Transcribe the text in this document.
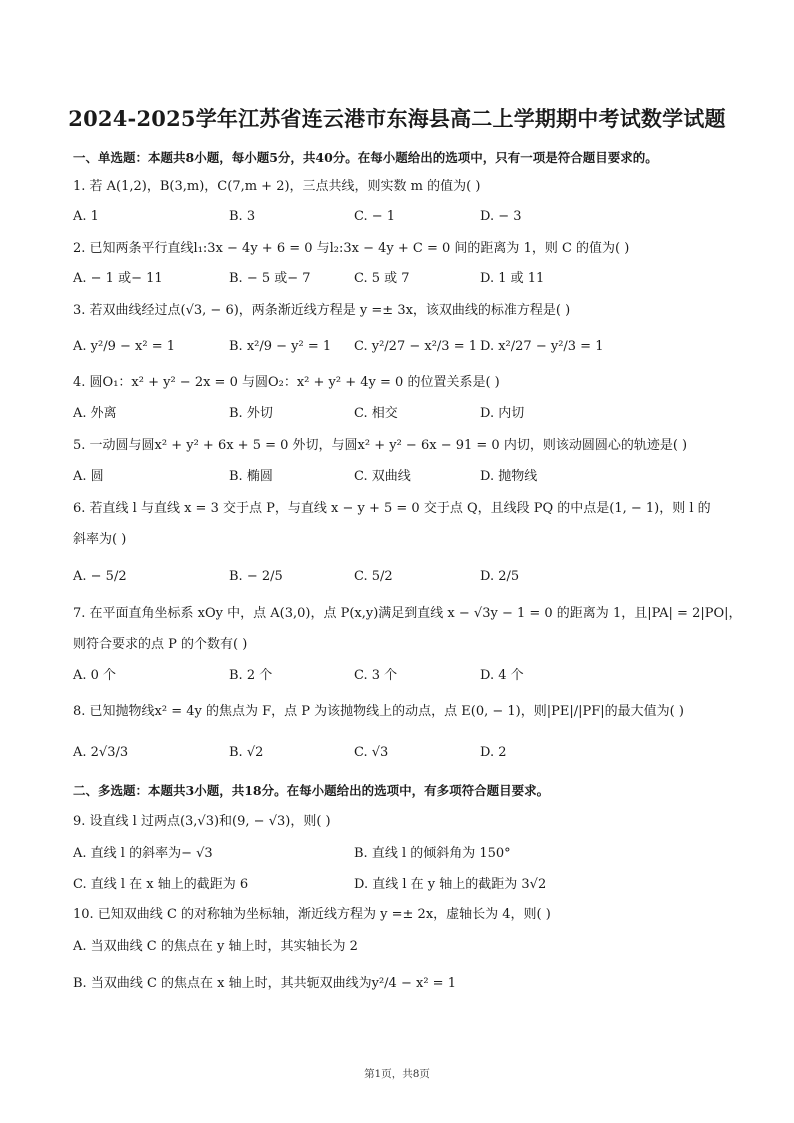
2024-2025学年江苏省连云港市东海县高二上学期期中考试数学试题
一、单选题：本题共8小题，每小题5分，共40分。在每小题给出的选项中，只有一项是符合题目要求的。
1. 若 A(1,2)，B(3,m)，C(7,m + 2)，三点共线，则实数 m 的值为( )
A. 1	B. 3	C. − 1	D. − 3
2. 已知两条平行直线l₁:3x − 4y + 6 = 0 与l₂:3x − 4y + C = 0 间的距离为 1，则 C 的值为( )
A. − 1 或− 11	B. − 5 或− 7	C. 5 或 7	D. 1 或 11
3. 若双曲线经过点(√3, − 6)，两条渐近线方程是 y =± 3x，该双曲线的标准方程是( )
A. y²/9 − x² = 1	B. x²/9 − y² = 1 C. y²/27 − x²/3 = 1 D. x²/27 − y²/3 = 1
4. 圆O₁：x² + y² − 2x = 0 与圆O₂：x² + y² + 4y = 0 的位置关系是( )
A. 外离	B. 外切	C. 相交	D. 内切
5. 一动圆与圆x² + y² + 6x + 5 = 0 外切，与圆x² + y² − 6x − 91 = 0 内切，则该动圆圆心的轨迹是( )
A. 圆	B. 椭圆	C. 双曲线	D. 抛物线
6. 若直线 l 与直线 x = 3 交于点 P，与直线 x − y + 5 = 0 交于点 Q，且线段 PQ 的中点是(1, − 1)，则 l 的
斜率为( )
A. − 5/2	B. − 2/5	C. 5/2	D. 2/5
7. 在平面直角坐标系 xOy 中，点 A(3,0)，点 P(x,y)满足到直线 x − √3y − 1 = 0 的距离为 1，且|PA| = 2|PO|，
则符合要求的点 P 的个数有( )
A. 0 个	B. 2 个	C. 3 个	D. 4 个
8. 已知抛物线x² = 4y 的焦点为 F，点 P 为该抛物线上的动点，点 E(0, − 1)，则|PE|/|PF|的最大值为( )
A. 2√3/3	B. √2	C. √3	D. 2
二、多选题：本题共3小题，共18分。在每小题给出的选项中，有多项符合题目要求。
9. 设直线 l 过两点(3,√3)和(9, − √3)，则( )
A. 直线 l 的斜率为− √3	B. 直线 l 的倾斜角为 150°
C. 直线 l 在 x 轴上的截距为 6	D. 直线 l 在 y 轴上的截距为 3√2
10. 已知双曲线 C 的对称轴为坐标轴，渐近线方程为 y =± 2x，虚轴长为 4，则( )
A. 当双曲线 C 的焦点在 y 轴上时，其实轴长为 2
B. 当双曲线 C 的焦点在 x 轴上时，其共轭双曲线为y²/4 − x² = 1
第1页，共8页
